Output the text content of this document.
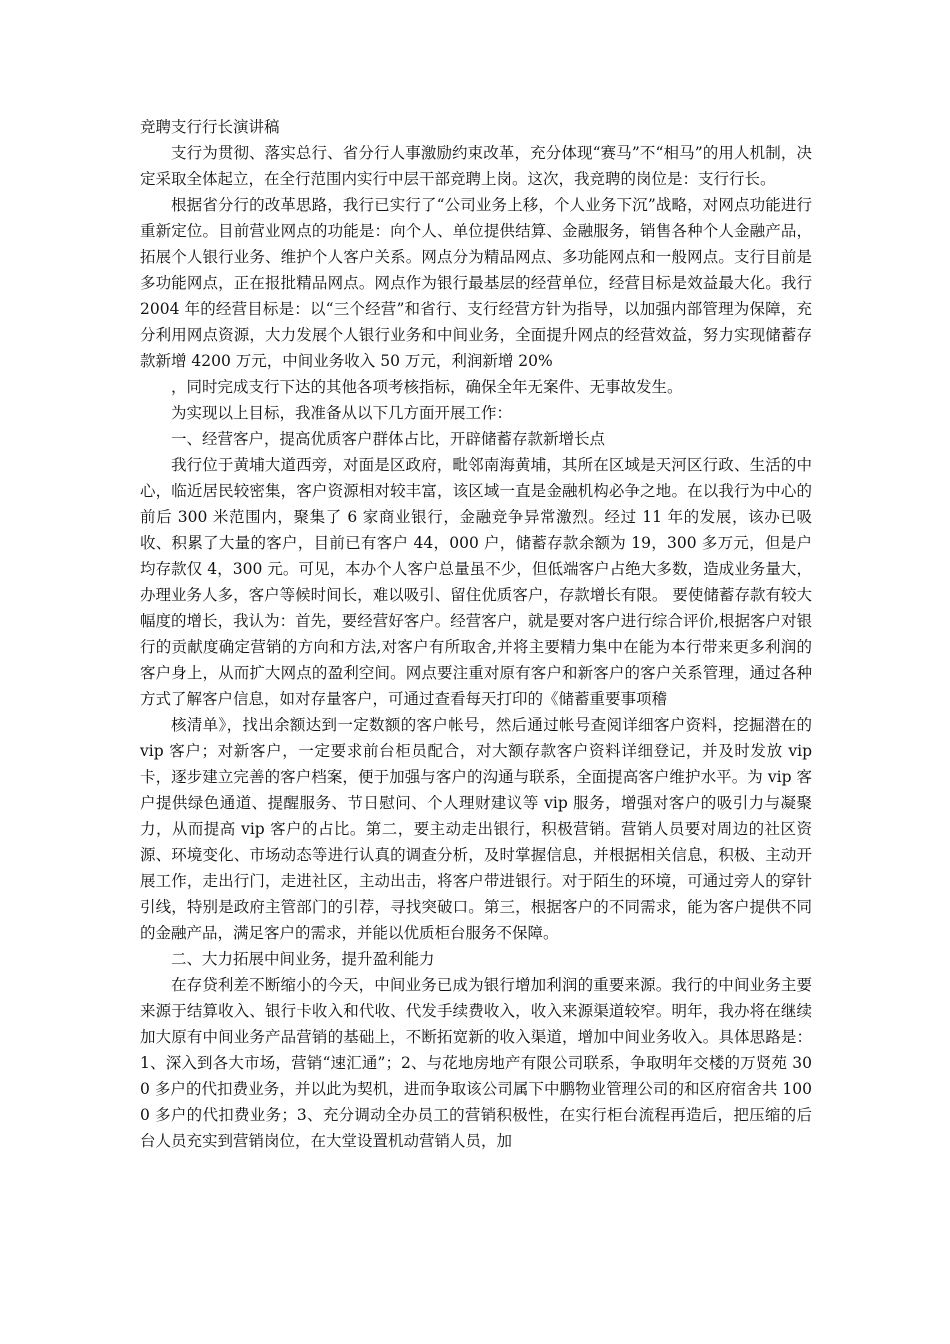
竞聘支行行长演讲稿

支行为贯彻、落实总行、省分行人事激励约束改革，充分体现“赛马”不“相马”的用人机制，决定采取全体起立，在全行范围内实行中层干部竞聘上岗。这次，我竞聘的岗位是：支行行长。

根据省分行的改革思路，我行已实行了“公司业务上移，个人业务下沉”战略，对网点功能进行重新定位。目前营业网点的功能是：向个人、单位提供结算、金融服务，销售各种个人金融产品，拓展个人银行业务、维护个人客户关系。网点分为精品网点、多功能网点和一般网点。支行目前是多功能网点，正在报批精品网点。网点作为银行最基层的经营单位，经营目标是效益最大化。我行 2004 年的经营目标是：以“三个经营”和省行、支行经营方针为指导，以加强内部管理为保障，充分利用网点资源，大力发展个人银行业务和中间业务，全面提升网点的经营效益，努力实现储蓄存款新增 4200 万元，中间业务收入 50 万元，利润新增 20%

，同时完成支行下达的其他各项考核指标，确保全年无案件、无事故发生。

为实现以上目标，我准备从以下几方面开展工作：

一、经营客户，提高优质客户群体占比，开辟储蓄存款新增长点

我行位于黄埔大道西旁，对面是区政府，毗邻南海黄埔，其所在区域是天河区行政、生活的中心，临近居民较密集，客户资源相对较丰富，该区域一直是金融机构必争之地。在以我行为中心的前后 300 米范围内，聚集了 6 家商业银行，金融竞争异常激烈。经过 11 年的发展，该办已吸收、积累了大量的客户，目前已有客户 44，000 户，储蓄存款余额为 19，300 多万元，但是户均存款仅 4，300 元。可见，本办个人客户总量虽不少，但低端客户占绝大多数，造成业务量大，办理业务人多，客户等候时间长，难以吸引、留住优质客户，存款增长有限。 要使储蓄存款有较大幅度的增长，我认为：首先，要经营好客户。经营客户，就是要对客户进行综合评价,根据客户对银行的贡献度确定营销的方向和方法,对客户有所取舍,并将主要精力集中在能为本行带来更多利润的客户身上，从而扩大网点的盈利空间。网点要注重对原有客户和新客户的客户关系管理，通过各种方式了解客户信息，如对存量客户，可通过查看每天打印的《储蓄重要事项稽

核清单》，找出余额达到一定数额的客户帐号，然后通过帐号查阅详细客户资料，挖掘潜在的 vip 客户；对新客户，一定要求前台柜员配合，对大额存款客户资料详细登记，并及时发放 vip 卡，逐步建立完善的客户档案，便于加强与客户的沟通与联系，全面提高客户维护水平。为 vip 客户提供绿色通道、提醒服务、节日慰问、个人理财建议等 vip 服务，增强对客户的吸引力与凝聚力，从而提高 vip 客户的占比。第二，要主动走出银行，积极营销。营销人员要对周边的社区资源、环境变化、市场动态等进行认真的调查分析，及时掌握信息，并根据相关信息，积极、主动开展工作，走出行门，走进社区，主动出击，将客户带进银行。对于陌生的环境，可通过旁人的穿针引线，特别是政府主管部门的引荐，寻找突破口。第三，根据客户的不同需求，能为客户提供不同的金融产品，满足客户的需求，并能以优质柜台服务不保障。

二、大力拓展中间业务，提升盈利能力

在存贷利差不断缩小的今天，中间业务已成为银行增加利润的重要来源。我行的中间业务主要来源于结算收入、银行卡收入和代收、代发手续费收入，收入来源渠道较窄。明年，我办将在继续加大原有中间业务产品营销的基础上，不断拓宽新的收入渠道，增加中间业务收入。具体思路是：1、深入到各大市场，营销“速汇通”；2、与花地房地产有限公司联系，争取明年交楼的万贤苑 300 多户的代扣费业务，并以此为契机，进而争取该公司属下中鹏物业管理公司的和区府宿舍共 1000 多户的代扣费业务；3、充分调动全办员工的营销积极性，在实行柜台流程再造后，把压缩的后台人员充实到营销岗位，在大堂设置机动营销人员，加
